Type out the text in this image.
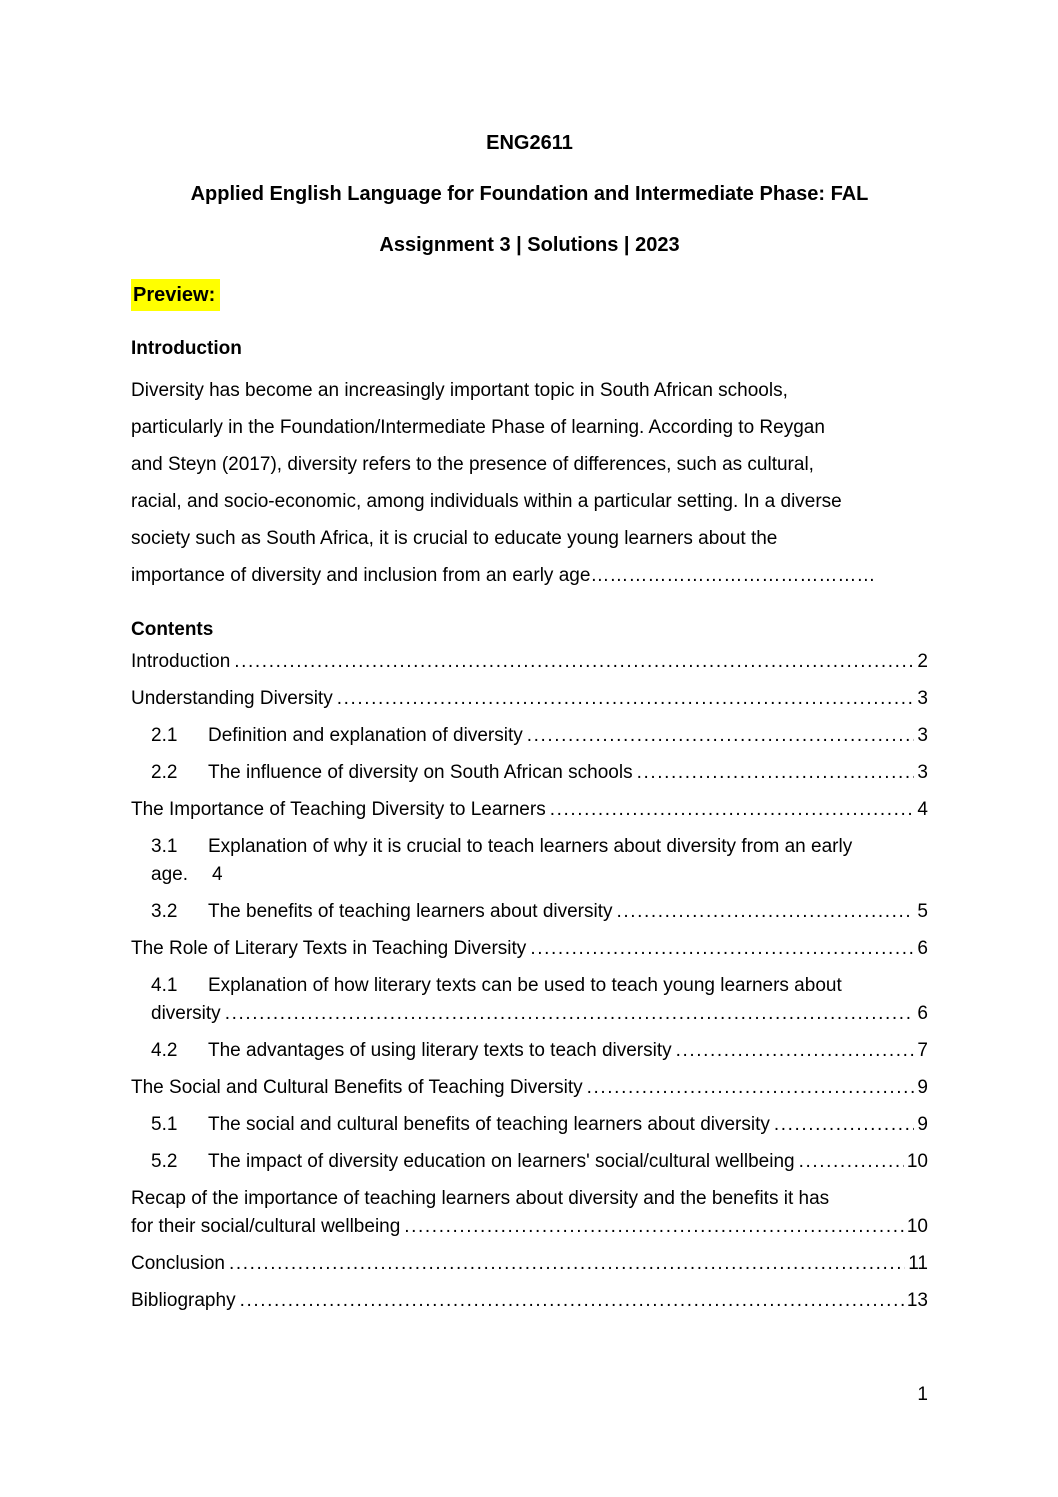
ENG2611
Applied English Language for Foundation and Intermediate Phase: FAL
Assignment 3 | Solutions | 2023
Preview:
Introduction
Diversity has become an increasingly important topic in South African schools,
particularly in the Foundation/Intermediate Phase of learning. According to Reygan
and Steyn (2017), diversity refers to the presence of differences, such as cultural,
racial, and socio-economic, among individuals within a particular setting. In a diverse
society such as South Africa, it is crucial to educate young learners about the
importance of diversity and inclusion from an early age………………………………………
Contents
Introduction .....	2
Understanding Diversity .....	3
2.1	Definition and explanation of diversity .....	3
2.2	The influence of diversity on South African schools .....	3
The Importance of Teaching Diversity to Learners .....	4
3.1	Explanation of why it is crucial to teach learners about diversity from an early
age. 4
3.2	The benefits of teaching learners about diversity .....	5
The Role of Literary Texts in Teaching Diversity .....	6
4.1	Explanation of how literary texts can be used to teach young learners about
diversity .....	6
4.2	The advantages of using literary texts to teach diversity .....	7
The Social and Cultural Benefits of Teaching Diversity .....	9
5.1	The social and cultural benefits of teaching learners about diversity .....	9
5.2	The impact of diversity education on learners' social/cultural wellbeing .....	10
Recap of the importance of teaching learners about diversity and the benefits it has
for their social/cultural wellbeing .....	10
Conclusion .....	11
Bibliography .....	13
1
